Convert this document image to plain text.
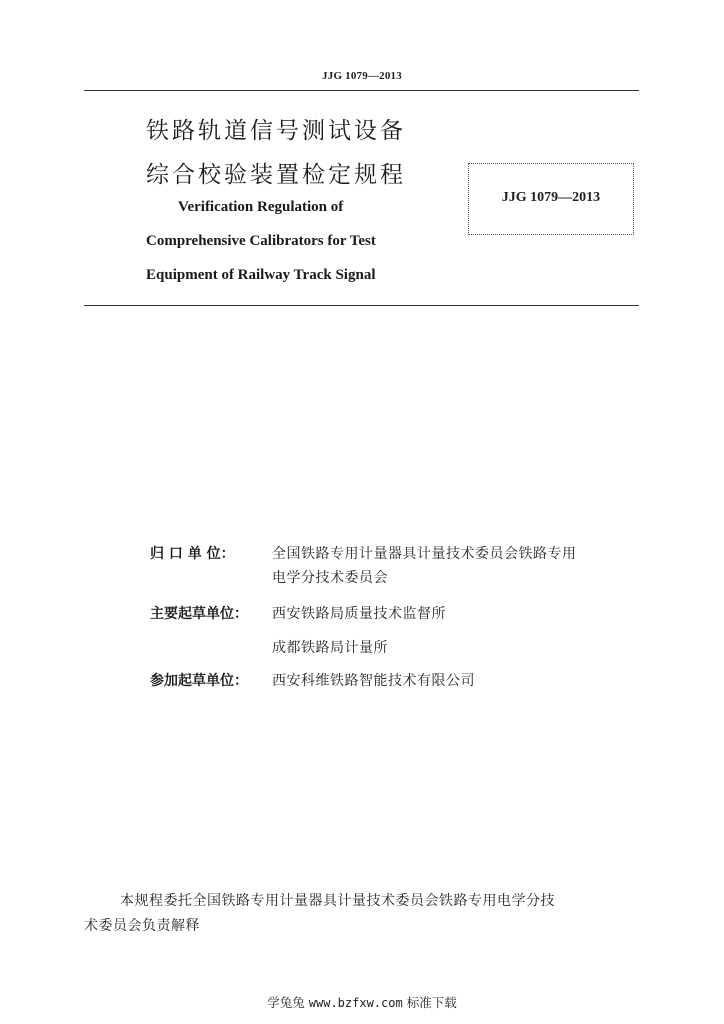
JJG 1079—2013
铁路轨道信号测试设备
综合校验装置检定规程
JJG 1079—2013
Verification Regulation of
Comprehensive Calibrators for Test
Equipment of Railway Track Signal
归 口 单 位：	全国铁路专用计量器具计量技术委员会铁路专用
电学分技术委员会
主要起草单位： 西安铁路局质量技术监督所
成都铁路局计量所
参加起草单位： 西安科维铁路智能技术有限公司
本规程委托全国铁路专用计量器具计量技术委员会铁路专用电学分技
术委员会负责解释
学兔兔 www.bzfxw.com 标准下载
